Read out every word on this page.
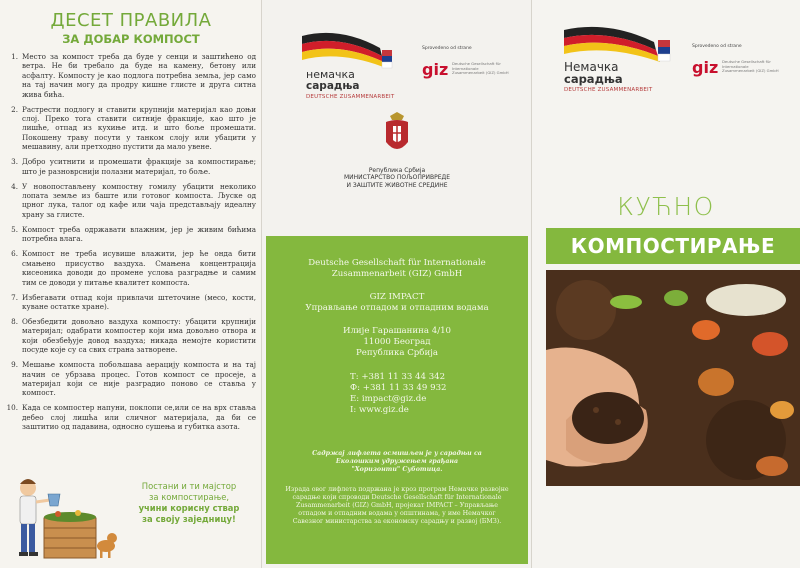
ДЕСЕТ ПРАВИЛА
ЗА ДОБАР КОМПОСТ
1. Место за компост треба да буде у сенци и заштићено од ветра. Не би требало да буде на камену, бетону или асфалту. Компосту је као подлога потребна земља, јер само на тај начин могу да продру кишне глисте и друга ситна жива бића.
2. Растрести подлогу и ставити крупнији материјал као доњи слој. Преко тога ставити ситније фракције, као што је лишће, отпад из кухиње итд. и што боље промешати. Покошену траву посути у танком слоју или убацити у мешавину, али претходно пустити да мало увене.
3. Добро уситнити и промешати фракције за компостирање; што је разноврснији полазни материјал, то боље.
4. У новопостављену компостну гомилу убацити неколико лопата земље из баште или готовог компоста. Љуске од црног лука, талог од кафе или чаја представљају идеалну храну за глисте.
5. Компост треба одржавати влажним, јер је живим бићима потребна влага.
6. Компост не треба исувише влажити, јер ће онда бити смањено присуство ваздуха. Смањена концентрација кисеоника доводи до промене услова разградње и самим тим се доводи у питање квалитет компоста.
7. Избегавати отпад који привлачи штеточине (месо, кости, куване остатке хране).
8. Обезбедити довољно ваздуха компосту: убацити крупнији материјал; одабрати компостер који има довољно отвора и који обезбеђује довод ваздуха; никада немојте користити посуде које су са свих страна затворене.
9. Мешање компоста побољшава аерацију компоста и на тај начин се убрзава процес. Готов компост се просеје, а материјал који се није разградио поново се ставља у компост.
10. Када се компостер напуни, поклопи се,или се на врх ставља дебео слој лишћа или сличног материјала, да би се заштитио од падавина, односно сушења и губитка азота.
Постани и ти мајстор
за компостирање,
учини корисну ствар
за своју заједницу!
немачка
сарадња
DEUTSCHE ZUSAMMENARBEIT
Sprovedeno od strane
giz Deutsche Gesellschaft für Internationale Zusammenarbeit (GIZ) GmbH
Република Србија
МИНИСТАРСТВО ПОЉОПРИВРЕДЕ
И ЗАШТИТЕ ЖИВОТНЕ СРЕДИНЕ
Deutsche Gesellschaft für Internationale
Zusammenarbeit (GIZ) GmbH
GIZ IMPACT
Управљање отпадом и отпадним водама
Илије Гарашанина 4/10
11000 Београд
Република Србија
Т: +381 11 33 44 342
Ф: +381 11 33 49 932
Е: impact@giz.de
I: www.giz.de
Садржај лифлета осмишљен је у сарадњи са
Еколошким удружењем грађана
"Хоризонти" Суботица.
Израда овог лифлета подржана је кроз програм Немачке развојне сарадње који спроводи Deutsche Gesellschaft für Internationale Zusammenarbeit (GIZ) GmbH, пројекат IMPACT – Управљање отпадом и отпадним водама у општинама, у име Немачког Савезног министарства за економску сарадњу и развој (БМЗ).
Немачка
сарадња
DEUTSCHE ZUSAMMENARBEIT
Sprovedeno od strane
giz Deutsche Gesellschaft für Internationale Zusammenarbeit (GIZ) GmbH
КУЋНО
КОМПОСТИРАЊЕ
